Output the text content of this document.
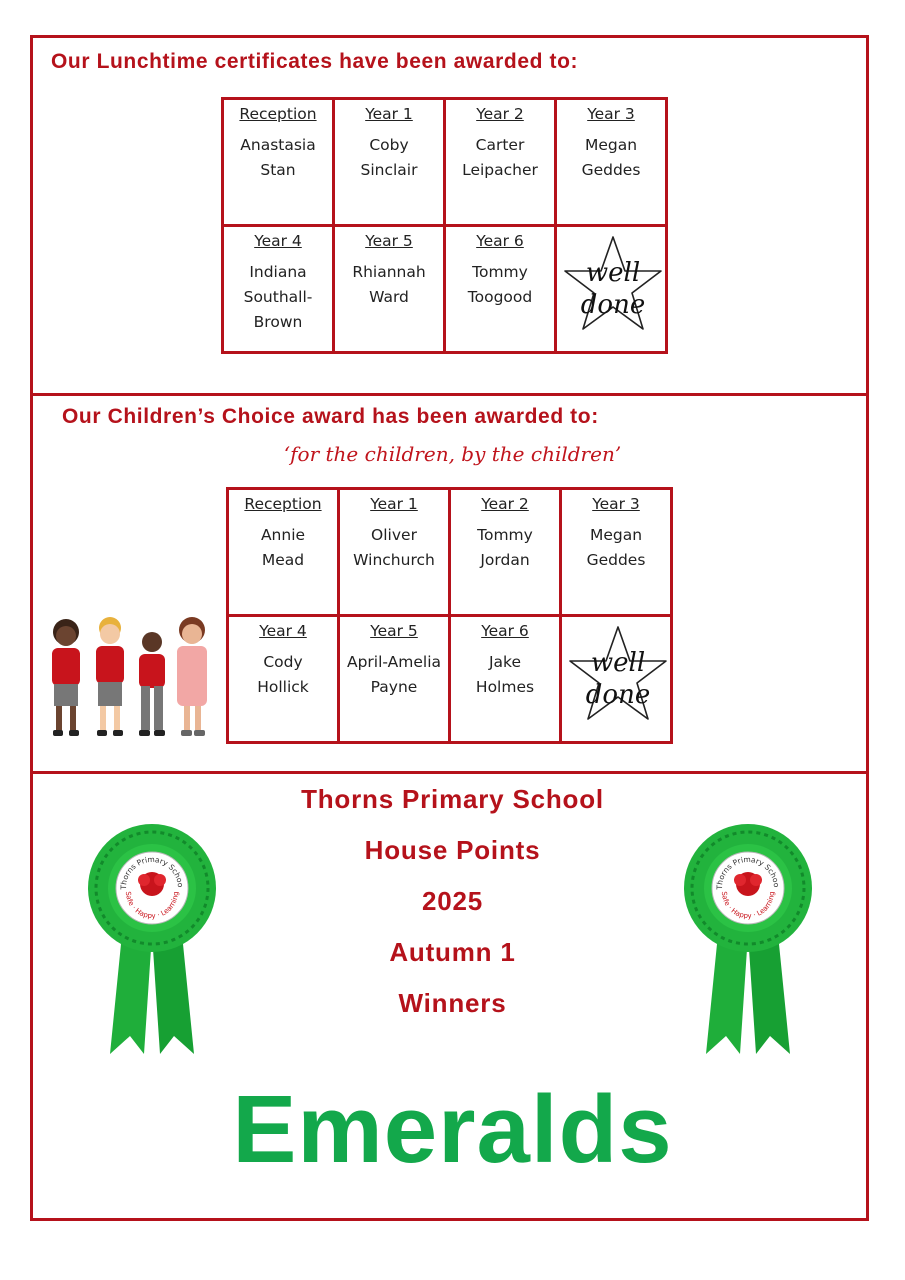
Our Lunchtime certificates have been awarded to:
Reception
Anastasia
Stan	Year 1
Coby
Sinclair	Year 2
Carter
Leipacher	Year 3
Megan
Geddes

Year 4
Indiana
Southall-
Brown	Year 5
Rhiannah
Ward	Year 6
Tommy
Toogood	well
done
Our Children’s Choice award has been awarded to:
‘for the children, by the children’
Reception
Annie
Mead	Year 1
Oliver
Winchurch	Year 2
Tommy
Jordan	Year 3
Megan
Geddes

Year 4
Cody
Hollick	Year 5
April-Amelia
Payne	Year 6
Jake
Holmes	well
done
Thorns Primary School
House Points
2025
Autumn 1
Winners
Emeralds
Thorns Primary Schoo
Safe · Happy · Learning
Thorns Primary Schoo
Safe · Happy · Learning
